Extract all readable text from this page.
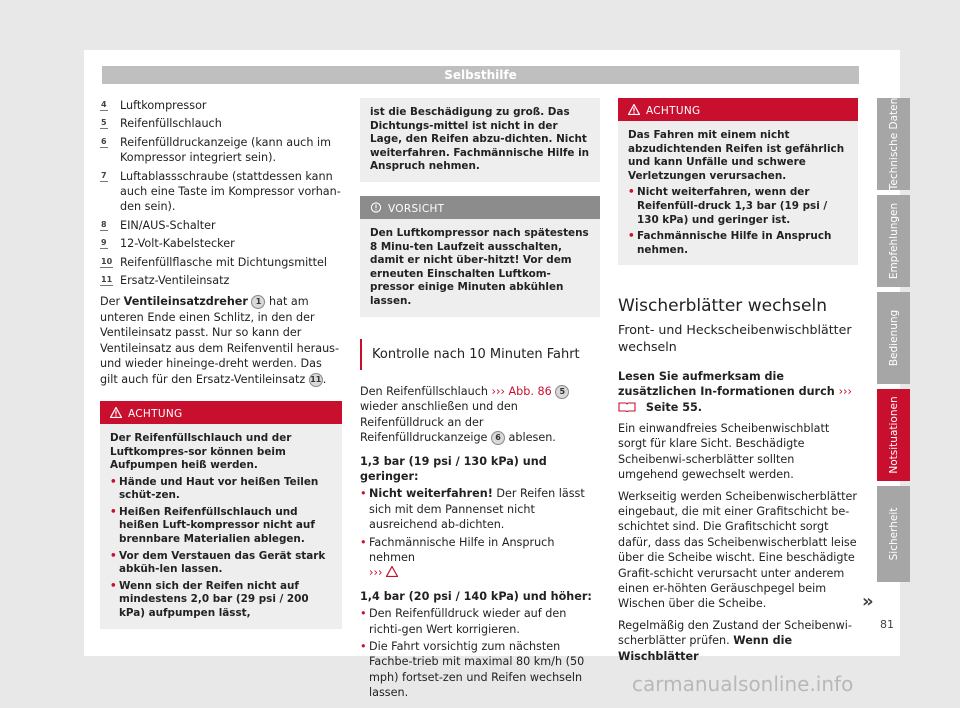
Selbsthilfe
4 Luftkompressor
5 Reifenfüllschlauch
6 Reifenfülldruckanzeige (kann auch im Kompressor integriert sein).
7 Luftablassschraube (stattdessen kann auch eine Taste im Kompressor vorhan-den sein).
8 EIN/AUS-Schalter
9 12-Volt-Kabelstecker
10 Reifenfüllflasche mit Dichtungsmittel
11 Ersatz-Ventileinsatz

Der Ventileinsatzdreher 1 hat am unteren Ende einen Schlitz, in den der Ventileinsatz passt. Nur so kann der Ventileinsatz aus dem Reifenventil heraus- und wieder hineinge-dreht werden. Das gilt auch für den Ersatz-Ventileinsatz 11.

ACHTUNG
Der Reifenfüllschlauch und der Luftkompres-sor können beim Aufpumpen heiß werden.
• Hände und Haut vor heißen Teilen schüt-zen.
• Heißen Reifenfüllschlauch und heißen Luft-kompressor nicht auf brennbare Materialien ablegen.
• Vor dem Verstauen das Gerät stark abküh-len lassen.
• Wenn sich der Reifen nicht auf mindestens 2,0 bar (29 psi / 200 kPa) aufpumpen lässt,
ist die Beschädigung zu groß. Das Dichtungs-mittel ist nicht in der Lage, den Reifen abzu-dichten. Nicht weiterfahren. Fachmännische Hilfe in Anspruch nehmen.
VORSICHT
Den Luftkompressor nach spätestens 8 Minu-ten Laufzeit ausschalten, damit er nicht über-hitzt! Vor dem erneuten Einschalten Luftkom-pressor einige Minuten abkühlen lassen.
Kontrolle nach 10 Minuten Fahrt

Den Reifenfüllschlauch ››› Abb. 86 5 wieder anschließen und den Reifenfülldruck an der Reifenfülldruckanzeige 6 ablesen.

1,3 bar (19 psi / 130 kPa) und geringer:

• Nicht weiterfahren! Der Reifen lässt sich mit dem Pannenset nicht ausreichend ab-dichten.
• Fachmännische Hilfe in Anspruch nehmen
›››

1,4 bar (20 psi / 140 kPa) und höher:

• Den Reifenfülldruck wieder auf den richti-gen Wert korrigieren.
• Die Fahrt vorsichtig zum nächsten Fachbe-trieb mit maximal 80 km/h (50 mph) fortset-zen und Reifen wechseln lassen.
ACHTUNG
Das Fahren mit einem nicht abzudichtenden Reifen ist gefährlich und kann Unfälle und schwere Verletzungen verursachen.
• Nicht weiterfahren, wenn der Reifenfüll-druck 1,3 bar (19 psi / 130 kPa) und geringer ist.
• Fachmännische Hilfe in Anspruch nehmen.
Wischerblätter wechseln
Front- und Heckscheibenwischblätter wechseln

Lesen Sie aufmerksam die zusätzlichen In-formationen durch ›››  Seite 55.

Ein einwandfreies Scheibenwischblatt sorgt für klare Sicht. Beschädigte Scheibenwi-scherblätter sollten umgehend gewechselt werden.

Werkseitig werden Scheibenwischerblätter eingebaut, die mit einer Grafitschicht be-schichtet sind. Die Grafitschicht sorgt dafür, dass das Scheibenwischerblatt leise über die Scheibe wischt. Eine beschädigte Grafit-schicht verursacht unter anderem einen er-höhten Geräuschpegel beim Wischen über die Scheibe.

Regelmäßig den Zustand der Scheibenwi-scherblätter prüfen. Wenn die Wischblätter

»
Technische Daten
Empfehlungen
Bedienung
Notsituationen
Sicherheit
81
carmanualsonline.info
